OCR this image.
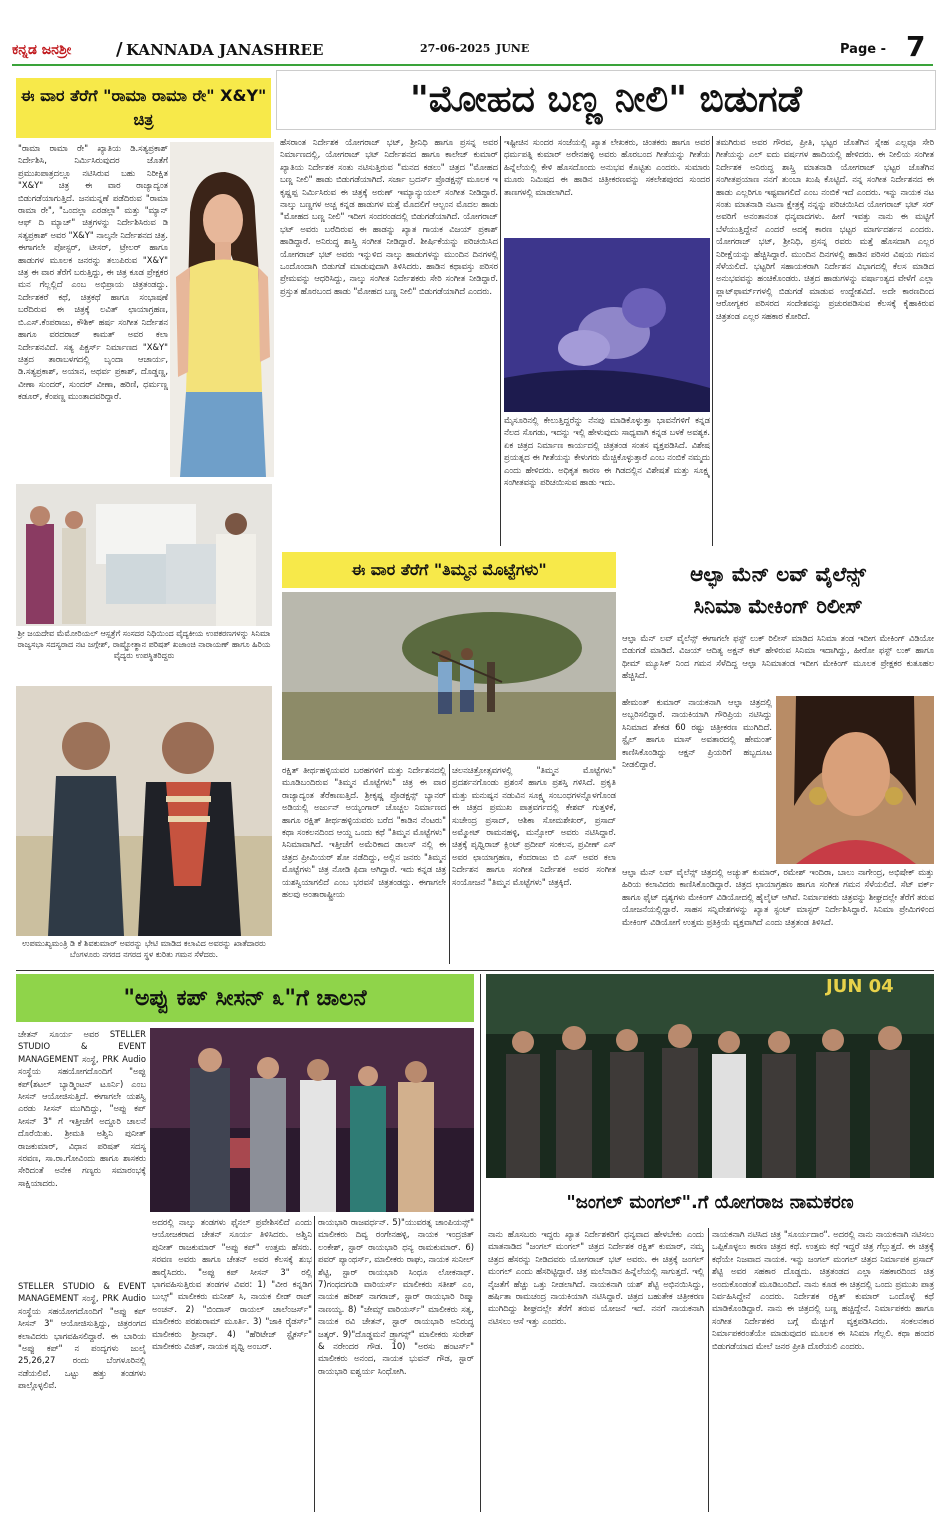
ಕನ್ನಡ ಜನಶ್ರೀ / KANNADA JANASHREE	27-06-2025 JUNE	Page - 7
ಈ ವಾರ ತೆರೆಗೆ "ರಾಮಾ ರಾಮಾ ರೇ" X&Y" ಚಿತ್ರ
"ರಾಮಾ ರಾಮಾ ರೇ" ಖ್ಯಾತಿಯ ಡಿ.ಸತ್ಯಪ್ರಕಾಶ್ ನಿರ್ದೇಶಿಸಿ, ನಿರ್ಮಿಸಿರುವುದರ ಜೊತೆಗೆ ಪ್ರಮುಖಪಾತ್ರದಲ್ಲೂ ನಟಿಸಿರುವ ಬಹು ನಿರೀಕ್ಷಿತ "X&Y" ಚಿತ್ರ ಈ ವಾರ ರಾಜ್ಯಾದ್ಯಂತ ಬಿಡುಗಡೆಯಾಗುತ್ತಿದೆ. ಜನಮನ್ನಣೆ ಪಡೆದಿರುವ "ರಾಮಾ ರಾಮಾ ರೇ", "ಒಂದಲ್ಲಾ ಎರಡಲ್ಲಾ" ಮತ್ತು "ಮ್ಯಾನ್ ಆಫ್ ದಿ ಮ್ಯಾಚ್" ಚಿತ್ರಗಳನ್ನು ನಿರ್ದೇಶಿಸಿರುವ ಡಿ ಸತ್ಯಪ್ರಕಾಶ್ ಅವರ "X&Y" ನಾಲ್ಕನೇ ನಿರ್ದೇಶನದ ಚಿತ್ರ. ಈಗಾಗಲೇ ಪೋಸ್ಟರ್, ಟೀಸರ್, ಟ್ರೇಲರ್ ಹಾಗೂ ಹಾಡುಗಳ ಮೂಲಕ ಜನರನ್ನು ತಲುಪಿರುವ "X&Y" ಚಿತ್ರ ಈ ವಾರ ತೆರೆಗೆ ಬರುತ್ತಿದ್ದು, ಈ ಚಿತ್ರ ಕೂಡ ಪ್ರೇಕ್ಷಕರ ಮನ ಗೆಲ್ಲಲ್ಲಿದೆ ಎಂಬ ಅಭಿಪ್ರಾಯ ಚಿತ್ರತಂಡದ್ದು. ನಿರ್ದೇಶಕರೆ ಕಥೆ, ಚಿತ್ರಕಥೆ ಹಾಗೂ ಸಂಭಾಷಣೆ ಬರೆದಿರುವ ಈ ಚಿತ್ರಕ್ಕೆ ಲವಿತ್ ಛಾಯಾಗ್ರಹಣ, ಬಿ.ಎಸ್.ಕೆಂಪರಾಜು, ಕೌಶಿಕ್ ಹರ್ಷ ಸಂಗೀತ ನಿರ್ದೇಶನ ಹಾಗೂ ವರದರಾಜ್ ಕಾಮತ್ ಅವರ ಕಲಾ ನಿರ್ದೇಶನವಿದೆ. ಸತ್ಯ ಪಿಕ್ಚರ್ಸ್ ನಿರ್ಮಾಣದ "X&Y" ಚಿತ್ರದ ತಾರಾಬಳಗದಲ್ಲಿ ಬೃಂದಾ ಆಚಾರ್ಯ, ಡಿ.ಸತ್ಯಪ್ರಕಾಶ್, ಅಯಾನ, ಅಥರ್ವ ಪ್ರಕಾಶ್, ದೊಡ್ಡಣ್ಣ, ವೀಣಾ ಸುಂದರ್, ಸುಂದರ್ ವೀಣಾ, ಹರಿಣಿ, ಧರ್ಮಣ್ಣ ಕಡೂರ್, ಕೆಂಪಣ್ಣ ಮುಂತಾದವರಿದ್ದಾರೆ.
"ಮೋಹದ ಬಣ್ಣ ನೀಲಿ" ಬಿಡುಗಡೆ
ಹೆಸರಾಂತ ನಿರ್ದೇಶಕ ಯೋಗರಾಜ್ ಭಟ್, ಶ್ರೀನಿಧಿ ಹಾಗೂ ಪ್ರಸನ್ನ ಅವರ ನಿರ್ಮಾಣದಲ್ಲಿ, ಯೋಗರಾಜ್ ಭಟ್ ನಿರ್ದೇಶನದ ಹಾಗೂ ಕಾಲೇಜ್ ಕುಮಾರ್ ಖ್ಯಾತಿಯ ನಿರ್ದೇಶಕ ಸಂತು ನಟಿಸುತ್ತಿರುವ "ಮನದ ಕಡಲು" ಚಿತ್ರದ "ಮೋಹದ ಬಣ್ಣ ನೀಲಿ" ಹಾಡು ಬಿಡುಗಡೆಯಾಗಿದೆ. ಸರ್ಜಾ ಬ್ರದರ್ಸ್ ಪ್ರೊಡಕ್ಷನ್ಸ್ ಮೂಲಕ ಇ ಕೃಷ್ಣಪ್ಪ ನಿರ್ಮಿಸಿರುವ ಈ ಚಿತ್ರಕ್ಕೆ ಅರುಣ್ ಇಮ್ಯಾನ್ಯುಯಲ್ ಸಂಗೀತ ನೀಡಿದ್ದಾರೆ. ನಾಲ್ಕು ಬಣ್ಣಗಳ ಅಚ್ಚ ಕನ್ನಡ ಹಾಡುಗಳ ಮತ್ತೆ ಮೊದಲಿಗೆ ಆಲ್ಬಂನ ಮೊದಲ ಹಾಡು "ಮೋಹದ ಬಣ್ಣ ನೀಲಿ" ಇದೀಗ ಸಂದರಂಡದಲ್ಲಿ ಬಿಡುಗಡೆಯಾಗಿದೆ. ಯೋಗರಾಜ್ ಭಟ್ ಅವರು ಬರೆದಿರುವ ಈ ಹಾಡನ್ನು ಖ್ಯಾತ ಗಾಯಕ ವಿಜಯ್ ಪ್ರಕಾಶ್ ಹಾಡಿದ್ದಾರೆ. ಅನಿರುದ್ಧ ಶಾಸ್ತ್ರಿ ಸಂಗೀತ ನೀಡಿದ್ದಾರೆ. ಶೀರ್ಷಿಕೆಯನ್ನು ಪರಿಚಯಿಸಿದ ಯೋಗರಾಜ್ ಭಟ್ ಅವರು ಇನ್ನುಳಿದ ನಾಲ್ಕು ಹಾಡುಗಳನ್ನು ಮುಂದಿನ ದಿನಗಳಲ್ಲಿ ಒಂದೊಂದಾಗಿ ಬಿಡುಗಡೆ ಮಾಡುವುದಾಗಿ ತಿಳಿಸಿದರು. ಹಾಡಿನ ಕಥಾವಸ್ತು ಪರಿಸರ ಪ್ರೇಮವನ್ನು ಆಧರಿಸಿದ್ದು, ನಾಲ್ಕು ಸಂಗೀತ ನಿರ್ದೇಶಕರು ಸೇರಿ ಸಂಗೀತ ನೀಡಿದ್ದಾರೆ. ಪ್ರಸ್ತುತ ಹೊರಬಂದ ಹಾಡು "ಮೋಹದ ಬಣ್ಣ ನೀಲಿ" ಬಿಡುಗಡೆಯಾಗಿದೆ ಎಂದರು.
ಇಷ್ಟೀಚಿನ ಸುಂದರ ಸಂಜೆಯಲ್ಲಿ ಖ್ಯಾತ ಲೇಖಕರು, ಚಿಂತಕರು ಹಾಗೂ ಅವರ ಧರ್ಮಪತ್ನಿ ಕುಮಾರ್ ಅರೇನಹಳ್ಳಿ ಅವರು ಹೊರಬಂದ ಗೀತೆಯನ್ನು ಗೀತೆಯ ಹಿನ್ನೆಲೆಯಲ್ಲಿ ಕೇಳಿ ಹೊಸದೊಂದು ಅನುಭವ ಕೊಟ್ಟಿತು ಎಂದರು. ಸುಮಾರು ಮೂರು ನಿಮಿಷದ ಈ ಹಾಡಿನ ಚಿತ್ರೀಕರಣವನ್ನು ಸಕಲೇಶಪುರದ ಸುಂದರ ತಾಣಗಳಲ್ಲಿ ಮಾಡಲಾಗಿದೆ.
ಮೈಸೂರಿನಲ್ಲಿ ಕೇಲುತ್ತಿದ್ದರೆನ್ನು ನೆನಪು ಮಾಡಿಕೊಳ್ಳುತ್ತಾ ಭಾವನೆಗಳಿಗೆ ಕನ್ನಡ ನೆಲದ ಸೊಗಡು, ಇದನ್ನು ಇಲ್ಲಿ ಹೇಳುವುದು ಸಾಧ್ಯವಾಗಿ ಕನ್ನಡ ಬಳಕೆ ಅವಶ್ಯಕ. ಏಕ ಚಿತ್ರದ ನಿರ್ಮಾಣ ಕಾರ್ಯದಲ್ಲಿ ಚಿತ್ರತಂಡ ಸಂತಸ ವ್ಯಕ್ತಪಡಿಸಿದೆ. ವಿಶೇಷ ಪ್ರಯತ್ನದ ಈ ಗೀತೆಯನ್ನು ಕೇಳುಗರು ಮೆಚ್ಚಿಕೊಳ್ಳುತ್ತಾರೆ ಎಂಬ ನಂಬಿಕೆ ನಮ್ಮದು ಎಂದು ಹೇಳಿದರು. ಅಧಿಕೃತ ಕಾರಣ ಈ ಗಿಡದಲ್ಲಿನ ವಿಶೇಷತೆ ಮತ್ತು ಸೂಕ್ಷ್ಮ ಸಂಗೀತವನ್ನು ಪರಿಚಯಿಸುವ ಹಾಡು ಇದು.
ತಮಗಿರುವ ಅವರ ಗೌರವ, ಪ್ರೀತಿ, ಭಟ್ಟರ ಜೊತೆಗಿನ ಸ್ನೇಹ ಎಲ್ಲವೂ ಸೇರಿ ಗೀತೆಯನ್ನು ಎಲ್ ಐದು ವರ್ಷಗಳ ಹಾದಿಯಲ್ಲಿ ಹೇಳಿದರು. ಈ ನೀಲಿಯ ಸಂಗೀತ ನಿರ್ದೇಶಕ ಅನಿರುದ್ಧ ಶಾಸ್ತ್ರಿ ಮಾತನಾಡಿ ಯೋಗರಾಜ್ ಭಟ್ಟರ ಜೊತೆಗಿನ ಸಂಗೀತಪ್ರಯಾಣ ನನಗೆ ತುಂಬಾ ಖುಷಿ ಕೊಟ್ಟಿದೆ. ನನ್ನ ಸಂಗೀತ ನಿರ್ದೇಶನದ ಈ ಹಾಡು ಎಲ್ಲರಿಗೂ ಇಷ್ಟವಾಗಲಿದೆ ಎಂಬ ನಂಬಿಕೆ ಇದೆ ಎಂದರು. ಇನ್ನು ನಾಯಕ ನಟ ಸಂತು ಮಾತನಾಡಿ ನಟನಾ ಕ್ಷೇತ್ರಕ್ಕೆ ನನ್ನನ್ನು ಪರಿಚಯಿಸಿದ ಯೋಗರಾಜ್ ಭಟ್ ಸರ್ ಅವರಿಗೆ ಅನಂತಾನಂತ ಧನ್ಯವಾದಗಳು. ಹೀಗೆ ಇವತ್ತು ನಾನು ಈ ಮಟ್ಟಿಗೆ ಬೆಳೆಯುತ್ತಿದ್ದೇನೆ ಎಂದರೆ ಅದಕ್ಕೆ ಕಾರಣ ಭಟ್ಟರ ಮಾರ್ಗದರ್ಶನ ಎಂದರು. ಯೋಗರಾಜ್ ಭಟ್, ಶ್ರೀನಿಧಿ, ಪ್ರಸನ್ನ ರವರು ಮತ್ತೆ ಹೊಸದಾಗಿ ಎಲ್ಲರ ನಿರೀಕ್ಷೆಯನ್ನು ಹೆಚ್ಚಿಸಿದ್ದಾರೆ. ಮುಂದಿನ ದಿನಗಳಲ್ಲಿ ಹಾಡಿನ ಪರಿಸರ ವಿಷಯ ಗಮನ ಸೆಳೆಯಲಿದೆ. ಭಟ್ಟರಿಗೆ ಸಹಾಯಕರಾಗಿ ನಿರ್ದೇಶನ ವಿಭಾಗದಲ್ಲಿ ಕೆಲಸ ಮಾಡಿದ ಅನುಭವವನ್ನು ಹಂಚಿಕೊಂಡರು. ಚಿತ್ರದ ಹಾಡುಗಳನ್ನು ವರ್ಷಾಂತ್ಯದ ವೇಳೆಗೆ ಎಲ್ಲಾ ಪ್ಲಾಟ್‌ಫಾರ್ಮ್‌ಗಳಲ್ಲಿ ಬಿಡುಗಡೆ ಮಾಡುವ ಉದ್ದೇಶವಿದೆ. ಅದೇ ಕಾರಣದಿಂದ ಆರೋಗ್ಯಕರ ಪರಿಸರದ ಸಂದೇಶವನ್ನು ಪ್ರಚುರಪಡಿಸುವ ಕೆಲಸಕ್ಕೆ ಕೈಹಾಕಿರುವ ಚಿತ್ರತಂಡ ಎಲ್ಲರ ಸಹಕಾರ ಕೋರಿದೆ.
ಶ್ರೀ ಜಯದೇವ ಮೆಮೋರಿಯಲ್ ಆಸ್ಪತ್ರೆಗೆ ಸಂಸದರ ನಿಧಿಯಿಂದ ವೈದ್ಯಕೀಯ ಉಪಕರಣಗಳನ್ನು ಸಿನಿಮಾ ರಾಜ್ಯಸಭಾ ಸದಸ್ಯರಾದ ನಟ ಜಗ್ಗೇಶ್, ರಾಷ್ಟ್ರೋತ್ಥಾನ ಪರಿಷತ್ ಖಜಾಂಚಿ ನಾರಾಯಣ್ ಹಾಗೂ ಹಿರಿಯ ವೈದ್ಯರು ಉಪಸ್ಥಿತರಿದ್ದರು
ಉಪಮುಖ್ಯಮಂತ್ರಿ ಡಿ ಕೆ ಶಿವಕುಮಾರ್ ಅವರನ್ನು ಭೇಟಿ ಮಾಡಿದ ಕಲಾವಿದ ಅವರನ್ನು ಖಾತೆದಾರರು ಬೆಂಗಳೂರು ನಗರದ ನಗರದ ಸ್ಥಳ ಕುರಿತು ಗಮನ ಸೆಳೆದರು.
ಈ ವಾರ ತೆರೆಗೆ "ತಿಮ್ಮನ ಮೊಟ್ಟೆಗಳು"
ರಕ್ಷಿತ್ ತೀರ್ಥಹಳ್ಳಿಯವರ ಬರಹಗಳಿಗೆ ಮತ್ತು ನಿರ್ದೇಶನದಲ್ಲಿ ಮೂಡಿಬಂದಿರುವ "ತಿಮ್ಮನ ಮೊಟ್ಟೆಗಳು" ಚಿತ್ರ ಈ ವಾರ ರಾಜ್ಯಾದ್ಯಂತ ತೆರೆಕಾಣುತ್ತಿದೆ. ಶ್ರೀಕೃಷ್ಣ ಪ್ರೊಡಕ್ಷನ್ಸ್ ಬ್ಯಾನರ್ ಅಡಿಯಲ್ಲಿ ಅರ್ಜುನ್ ಅಯ್ಯಂಗಾರ್ ಚೊಚ್ಚಲ ನಿರ್ಮಾಣದ ಹಾಗೂ ರಕ್ಷಿತ್ ತೀರ್ಥಹಳ್ಳಿಯವರು ಬರೆದ "ಕಾಡಿನ ನೆಂಟರು" ಕಥಾ ಸಂಕಲನದಿಂದ ಆಯ್ದ ಒಂದು ಕಥೆ "ತಿಮ್ಮನ ಮೊಟ್ಟೆಗಳು" ಸಿನಿಮಾವಾಗಿದೆ. ಇತ್ತೀಚೆಗೆ ಅಮೆರಿಕಾದ ಡಾಲಸ್ ನಲ್ಲಿ ಈ ಚಿತ್ರದ ಪ್ರೀಮಿಯರ್ ಶೋ ನಡೆದಿದ್ದು, ಅಲ್ಲಿನ ಜನರು "ತಿಮ್ಮನ ಮೊಟ್ಟೆಗಳು" ಚಿತ್ರ ನೋಡಿ ಫಿದಾ ಆಗಿದ್ದಾರೆ. ಇದು ಕನ್ನಡ ಚಿತ್ರ ಯಶಸ್ವಿಯಾಗಲಿದೆ ಎಂಬ ಭರವಸೆ ಚಿತ್ರತಂಡದ್ದು. ಈಗಾಗಲೇ ಹಲವು ಅಂತಾರಾಷ್ಟ್ರೀಯ
ಚಲನಚಿತ್ರೋತ್ಸವಗಳಲ್ಲಿ "ತಿಮ್ಮನ ಮೊಟ್ಟೆಗಳು" ಪ್ರದರ್ಶನಗೊಂಡು ಪ್ರಶಂಸೆ ಹಾಗೂ ಪ್ರಶಸ್ತಿ ಗಳಿಸಿದೆ. ಪ್ರಕೃತಿ ಮತ್ತು ಮನುಷ್ಯನ ನಡುವಿನ ಸೂಕ್ಷ್ಮ ಸಂಬಂಧಗಳನ್ನೊಳಗೊಂಡ ಈ ಚಿತ್ರದ ಪ್ರಮುಖ ಪಾತ್ರವರ್ಗದಲ್ಲಿ ಕೇಶವ್ ಗುತ್ತಳಿಕೆ, ಸುಚೇಂದ್ರ ಪ್ರಸಾದ್, ಆಶಿಕಾ ಸೋಮಶೇಖರ್, ಪ್ರಸಾದ್ ಅಮ್ಮೋಟ್ ರಾಮನಹಳ್ಳಿ, ಮನ್ಸೋರ್ ಅವರು ನಟಿಸಿದ್ದಾರೆ. ಚಿತ್ರಕ್ಕೆ ಪೃಥ್ವಿರಾಜ್ ಕ್ಲಿಂಟ್ ಪ್ರದೀಪ್ ಸಂಕಲನ, ಪ್ರವೀಣ್ ಎಸ್ ಅವರ ಛಾಯಾಗ್ರಹಣ, ಕೆಂದರಾಜು ಬಿ ಎಸ್ ಅವರ ಕಲಾ ನಿರ್ದೇಶನ ಹಾಗೂ ಸಂಗೀತ ನಿರ್ದೇಶಕ ಅವರ ಸಂಗೀತ ಸಂಯೋಜನೆ "ತಿಮ್ಮನ ಮೊಟ್ಟೆಗಳು" ಚಿತ್ರಕ್ಕಿದೆ.
ಆಲ್ಫಾ ಮೆನ್ ಲವ್ ವೈಲೆನ್ಸ್
ಸಿನಿಮಾ ಮೇಕಿಂಗ್ ರಿಲೀಸ್
ಆಲ್ಫಾ ಮೆನ್ ಲವ್ ವೈಲೆನ್ಸ್ ಈಗಾಗಲೇ ಫಸ್ಟ್ ಲುಕ್ ರಿಲೀಸ್ ಮಾಡಿದ ಸಿನಿಮಾ ತಂಡ ಇದೀಗ ಮೇಕಿಂಗ್ ವಿಡಿಯೋ ಬಿಡುಗಡೆ ಮಾಡಿದೆ. ವಿಜಯ್ ಆದಿತ್ಯ ಅಕ್ಷನ್ ಕಟ್ ಹೇಳಿರುವ ಸಿನಿಮಾ ಇದಾಗಿದ್ದು, ಹೀರೋ ಫಸ್ಟ್ ಲುಕ್ ಹಾಗೂ ಥೀಮ್ ಮ್ಯೂಸಿಕ್ ನಿಂದ ಗಮನ ಸೆಳೆದಿದ್ದ ಆಲ್ಫಾ ಸಿನಿಮಾತಂಡ ಇದೀಗ ಮೇಕಿಂಗ್ ಮೂಲಕ ಪ್ರೇಕ್ಷಕರ ಕುತೂಹಲ ಹೆಚ್ಚಿಸಿದೆ.
ಹೇಮಂತ್ ಕುಮಾರ್ ನಾಯಕನಾಗಿ ಆಲ್ಫಾ ಚಿತ್ರದಲ್ಲಿ ಅಬ್ಬರಿಸಲಿದ್ದಾರೆ. ನಾಯಕಿಯಾಗಿ ಗೌರಿಪ್ರಿಯ ನಟಿಸಿದ್ದು ಸಿನಿಮಾದ ಶೇಕಡ 60 ರಷ್ಟು ಚಿತ್ರೀಕರಣ ಮುಗಿದಿದೆ. ಸ್ಟೈಲ್ ಹಾಗೂ ಮಾಸ್ ಅವತಾರದಲ್ಲಿ ಹೇಮಂತ್ ಕಾಣಿಸಿಕೊಂಡಿದ್ದು ಆಕ್ಷನ್ ಪ್ರಿಯರಿಗೆ ಹಬ್ಬದೂಟ ನೀಡಲಿದ್ದಾರೆ.
ಆಲ್ಫಾ ಮೆನ್ ಲವ್ ವೈಲೆನ್ಸ್ ಚಿತ್ರದಲ್ಲಿ ಅಚ್ಯುತ್ ಕುಮಾರ್, ರಮೇಶ್ ಇಂದಿರಾ, ಬಾಲು ನಾಗೇಂದ್ರ, ಅಭಿಷೇಕ್ ಮತ್ತು ಹಿರಿಯ ಕಲಾವಿದರು ಕಾಣಿಸಿಕೊಂಡಿದ್ದಾರೆ. ಚಿತ್ರದ ಛಾಯಾಗ್ರಹಣ ಹಾಗೂ ಸಂಗೀತ ಗಮನ ಸೆಳೆಯಲಿದೆ. ಸೆಟ್ ವರ್ಕ್ ಹಾಗೂ ಫೈಟ್ ದೃಶ್ಯಗಳು ಮೇಕಿಂಗ್ ವಿಡಿಯೋದಲ್ಲಿ ಹೈಲೈಟ್ ಆಗಿವೆ. ನಿರ್ಮಾಪಕರು ಚಿತ್ರವನ್ನು ಶೀಘ್ರದಲ್ಲೇ ತೆರೆಗೆ ತರುವ ಯೋಜನೆಯಲ್ಲಿದ್ದಾರೆ. ಸಾಹಸ ಸನ್ನಿವೇಶಗಳನ್ನು ಖ್ಯಾತ ಸ್ಟಂಟ್ ಮಾಸ್ಟರ್ ನಿರ್ದೇಶಿಸಿದ್ದಾರೆ. ಸಿನಿಮಾ ಪ್ರೇಮಿಗಳಿಂದ ಮೇಕಿಂಗ್ ವಿಡಿಯೋಗೆ ಉತ್ತಮ ಪ್ರತಿಕ್ರಿಯೆ ವ್ಯಕ್ತವಾಗಿದೆ ಎಂದು ಚಿತ್ರತಂಡ ತಿಳಿಸಿದೆ.
"ಅಪ್ಪು ಕಪ್ ಸೀಸನ್ ೩"ಗೆ ಚಾಲನೆ
ಚೇತನ್ ಸೂರ್ಯ ಅವರ STELLER STUDIO & EVENT MANAGEMENT ಸಂಸ್ಥೆ, PRK Audio ಸಂಸ್ಥೆಯ ಸಹಯೋಗದೊಂದಿಗೆ "ಅಪ್ಪು ಕಪ್(ಶಟಲ್ ಬ್ಯಾಡ್ಮಿಂಟನ್ ಟೂರ್ನಿ) ಎಂಬ ಸೀಸನ್ ಆಯೋಜಿಸುತ್ತಿದೆ. ಈಗಾಗಲೇ ಯಶಸ್ವಿ ಎರಡು ಸೀಸನ್ ಮುಗಿದಿದ್ದು, "ಅಪ್ಪು ಕಪ್ ಸೀಸನ್ 3" ಗೆ ಇತ್ತೀಚೆಗೆ ಅದ್ದೂರಿ ಚಾಲನೆ ದೊರೆಯಿತು. ಶ್ರೀಮತಿ ಅಶ್ವಿನಿ ಪುನೀತ್ ರಾಜಕುಮಾರ್, ವಿಧಾನ ಪರಿಷತ್ ಸದಸ್ಯ ಸರವಣ, ಸಾ.ರಾ.ಗೋವಿಂದು ಹಾಗೂ ಶಾಸಕರು ಸೇರಿದಂತೆ ಅನೇಕ ಗಣ್ಯರು ಸಮಾರಂಭಕ್ಕೆ ಸಾಕ್ಷಿಯಾದರು.
STELLER STUDIO & EVENT MANAGEMENT ಸಂಸ್ಥೆ, PRK Audio ಸಂಸ್ಥೆಯ ಸಹಯೋಗದೊಂದಿಗೆ "ಅಪ್ಪು ಕಪ್ ಸೀಸನ್ 3" ಆಯೋಜಿಸುತ್ತಿದ್ದು, ಚಿತ್ರರಂಗದ ಕಲಾವಿದರು ಭಾಗವಹಿಸಲಿದ್ದಾರೆ. ಈ ಬಾರಿಯ "ಅಪ್ಪು ಕಪ್" ನ ಪಂದ್ಯಗಳು ಜುಲೈ 25,26,27 ರಂದು ಬೆಂಗಳೂರಿನಲ್ಲಿ ನಡೆಯಲಿವೆ. ಒಟ್ಟು ಹತ್ತು ತಂಡಗಳು ಪಾಲ್ಗೊಳ್ಳಲಿವೆ.
ಅದರಲ್ಲಿ ನಾಲ್ಕು ತಂಡಗಳು ಫೈನಲ್ ಪ್ರವೇಶಿಸಲಿದೆ ಎಂದು ಆಯೋಜಕರಾದ ಚೇತನ್ ಸೂರ್ಯ ತಿಳಿಸಿದರು. ಅಶ್ವಿನಿ ಪುನೀತ್ ರಾಜಕುಮಾರ್ "ಅಪ್ಪು ಕಪ್" ಉತ್ತಮ ಹೆಸರು. ಸರವಣ ಅವರು ಹಾಗೂ ಚೇತನ್ ಅವರ ಕೆಲಸಕ್ಕೆ ಶುಭ ಹಾರೈಸಿದರು. "ಅಪ್ಪು ಕಪ್ ಸೀಸನ್ 3" ರಲ್ಲಿ ಭಾಗವಹಿಸುತ್ತಿರುವ ತಂಡಗಳ ವಿವರ: 1) "ವೀರ ಕನ್ನಡಿಗ ಬುಲ್ಸ್" ಮಾಲೀಕರು ಮನೀಶ್ ಸಿ, ನಾಯಕ ಲೀಡ್ ರಾಜ್ ಅಂಚನ್. 2) "ಬಿಂದಾಸ್ ರಾಯಲ್ ಚಾಲೆಂಜರ್ಸ್" ಮಾಲೀಕರು ಪರಶುರಾಮ್ ಮೂರ್ತಿ. 3) "ಜಾಕಿ ರೈಡರ್ಸ್" ಮಾಲೀಕರು ಶ್ರೀನಾಥ್. 4) "ಹೆರಿಟೇಜ್ ಸ್ಟೈಕರ್ಸ್" ಮಾಲೀಕರು ವಿಜಿತ್, ನಾಯಕ ಪೃಥ್ವಿ ಅಂಬರ್.
ರಾಯಭಾರಿ ರಾಜವರ್ಧನ್. 5)"ಯುವರತ್ನ ಚಾಂಪಿಯನ್ಸ್" ಮಾಲೀಕರು ದಿವ್ಯ ರಂಗೇನಹಳ್ಳಿ, ನಾಯಕ ಇಂದ್ರಜಿತ್ ಲಂಕೇಶ್, ಸ್ಟಾರ್ ರಾಯಭಾರಿ ಧನ್ಯ ರಾಮಕುಮಾರ್. 6) ಪವರ್ ಪ್ಯಾಂಥರ್ಸ್, ಮಾಲೀಕರು ರಾಘು, ನಾಯಕ ಸುನೀಲ್ ಶೆಟ್ಟಿ, ಸ್ಟಾರ್ ರಾಯಭಾರಿ ಸಿಂಧೂ ಲೋಕನಾಥ್. 7)ಗಂಧದಗುಡಿ ವಾರಿಯರ್ಸ್ ಮಾಲೀಕರು ಸತೀಶ್ ಎಂ, ನಾಯಕ ಹರೀಶ್ ನಾಗರಾಜ್, ಸ್ಟಾರ್ ರಾಯಭಾರಿ ರಿಷ್ಮಾ ನಾಣಯ್ಯ. 8) "ಜೇಮ್ಸ್ ವಾರಿಯರ್ಸ್" ಮಾಲೀಕರು ಸತ್ಯ, ನಾಯಕ ರವಿ ಚೇತನ್, ಸ್ಟಾರ್ ರಾಯಭಾರಿ ಅನಿರುದ್ಧ ಜತ್ಕರ್. 9)"ದೊಡ್ಡಮನೆ ಡ್ರ್ಯಾಗನ್ಸ್" ಮಾಲೀಕರು ಸುರೇಶ್ & ನರೇಂದರ ಗೌಡ. 10) "ಅರಸು ಹಂಟರ್ಸ್" ಮಾಲೀಕರು ಅನಂದ, ನಾಯಕ ಭುವನ್ ಗೌಡ, ಸ್ಟಾರ್ ರಾಯಭಾರಿ ಐಶ್ವರ್ಯ ಸಿಂಧೋಗಿ.
JUN 04
"ಜಂಗಲ್ ಮಂಗಲ್".ಗೆ ಯೋಗರಾಜ ನಾಮಕರಣ
ನಾನು ಹೊಸಬರು ಇದ್ದರು ಖ್ಯಾತ ನಿರ್ದೇಶಕರಿಗೆ ಧನ್ಯವಾದ ಹೇಳಬೇಕು ಎಂದು ಮಾತನಾಡಿದ "ಜಂಗಲ್ ಮಂಗಲ್" ಚಿತ್ರದ ನಿರ್ದೇಶಕ ರಕ್ಷಿತ್ ಕುಮಾರ್, ನಮ್ಮ ಚಿತ್ರದ ಹೆಸರನ್ನು ನೀಡಿದವರು ಯೋಗರಾಜ್ ಭಟ್ ಅವರು. ಈ ಚಿತ್ರಕ್ಕೆ ಜಂಗಲ್ ಮಂಗಲ್ ಎಂದು ಹೆಸರಿಟ್ಟಿದ್ದಾರೆ. ಚಿತ್ರ ಮಲೆನಾಡಿನ ಹಿನ್ನೆಲೆಯಲ್ಲಿ ಸಾಗುತ್ತದೆ. ಇಲ್ಲಿ ನೈಜತೆಗೆ ಹೆಚ್ಚು ಒತ್ತು ನೀಡಲಾಗಿದೆ. ನಾಯಕನಾಗಿ ಯಶ್ ಶೆಟ್ಟಿ ಅಭಿನಯಿಸಿದ್ದು, ಹರ್ಷಿತಾ ರಾಮಚಂದ್ರ ನಾಯಕಿಯಾಗಿ ನಟಿಸಿದ್ದಾರೆ. ಚಿತ್ರದ ಬಹುತೇಕ ಚಿತ್ರೀಕರಣ ಮುಗಿದಿದ್ದು ಶೀಘ್ರದಲ್ಲೇ ತೆರೆಗೆ ತರುವ ಯೋಜನೆ ಇದೆ. ನನಗೆ ನಾಯಕನಾಗಿ ನಟಿಸಲು ಆಸೆ ಇತ್ತು ಎಂದರು.
ನಾಯಕನಾಗಿ ನಟಿಸಿದ ಚಿತ್ರ "ಸೂರ್ಯದಾರ". ಅದರಲ್ಲಿ ನಾನು ನಾಯಕನಾಗಿ ನಟಿಸಲು ಒಪ್ಪಿಕೊಳ್ಳಲು ಕಾರಣ ಚಿತ್ರದ ಕಥೆ. ಉತ್ತಮ ಕಥೆ ಇದ್ದರೆ ಚಿತ್ರ ಗೆಲ್ಲುತ್ತದೆ. ಈ ಚಿತ್ರಕ್ಕೆ ಕಥೆಯೇ ನಿಜವಾದ ನಾಯಕ. ಇನ್ನು ಜಂಗಲ್ ಮಂಗಲ್ ಚಿತ್ರದ ನಿರ್ಮಾಪಕ ಪ್ರಸಾದ್ ಶೆಟ್ಟಿ ಅವರ ಸಹಕಾರ ದೊಡ್ಡದು. ಚಿತ್ರತಂಡದ ಎಲ್ಲಾ ಸಹಕಾರದಿಂದ ಚಿತ್ರ ಅಂದುಕೊಂಡಂತೆ ಮೂಡಿಬಂದಿದೆ. ನಾನು ಕೂಡ ಈ ಚಿತ್ರದಲ್ಲಿ ಒಂದು ಪ್ರಮುಖ ಪಾತ್ರ ನಿರ್ವಹಿಸಿದ್ದೇನೆ ಎಂದರು. ನಿರ್ದೇಶಕ ರಕ್ಷಿತ್ ಕುಮಾರ್ ಒಂದೊಳ್ಳೆ ಕಥೆ ಮಾಡಿಕೊಂಡಿದ್ದಾರೆ. ನಾನು ಈ ಚಿತ್ರದಲ್ಲಿ ಬಣ್ಣ ಹಚ್ಚಿದ್ದೇನೆ. ನಿರ್ಮಾಪಕರು ಹಾಗೂ ಸಂಗೀತ ನಿರ್ದೇಶಕರ ಬಗ್ಗೆ ಮೆಚ್ಚುಗೆ ವ್ಯಕ್ತಪಡಿಸಿದರು. ಸಂಕಲನಕಾರ ನಿರ್ಮಾಪಕರಂತೆಯೇ ಮಾಡುವುದರ ಮೂಲಕ ಈ ಸಿನಿಮಾ ಗೆಲ್ಲಲಿ. ಕಥಾ ಹಂದರ ಬಿಡುಗಡೆಯಾದ ಮೇಲೆ ಜನರ ಪ್ರೀತಿ ದೊರೆಯಲಿ ಎಂದರು.
